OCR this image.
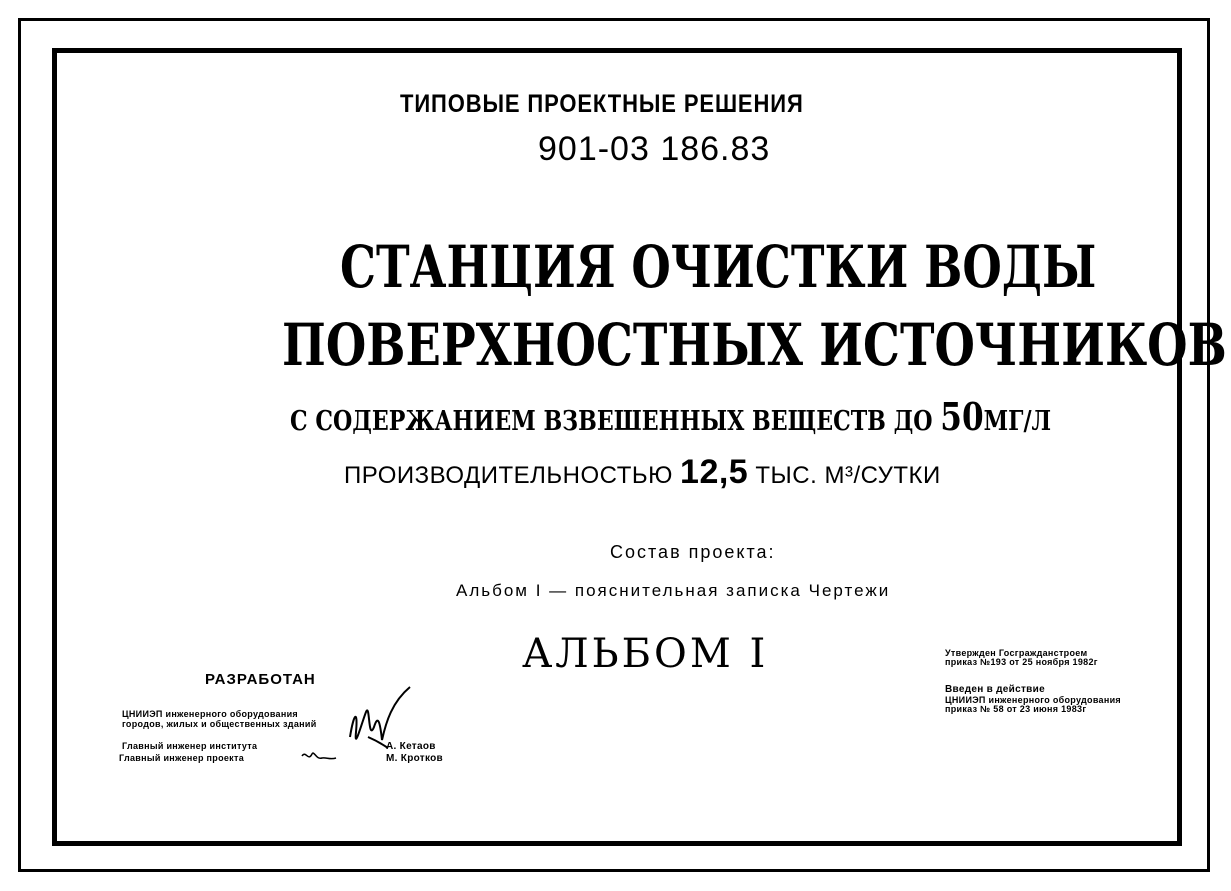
ТИПОВЫЕ ПРОЕКТНЫЕ РЕШЕНИЯ
901-03 186.83
СТАНЦИЯ ОЧИСТКИ ВОДЫ
ПОВЕРХНОСТНЫХ ИСТОЧНИКОВ
С СОДЕРЖАНИЕМ ВЗВЕШЕННЫХ ВЕЩЕСТВ ДО 50МГ/Л
ПРОИЗВОДИТЕЛЬНОСТЬЮ 12,5 ТЫС. М³/СУТКИ
Состав проекта:
Альбом I — пояснительная записка Чертежи
АЛЬБОМ I
РАЗРАБОТАН
ЦНИИЭП инженерного оборудования
городов, жилых и общественных зданий
Главный инженер института
Главный инженер проекта
А. Кетаов
М. Кротков
Утвержден Госгражданстроем
приказ №193 от 25 ноября 1982г
Введен в действие
ЦНИИЭП инженерного оборудования
приказ № 58 от 23 июня 1983г
